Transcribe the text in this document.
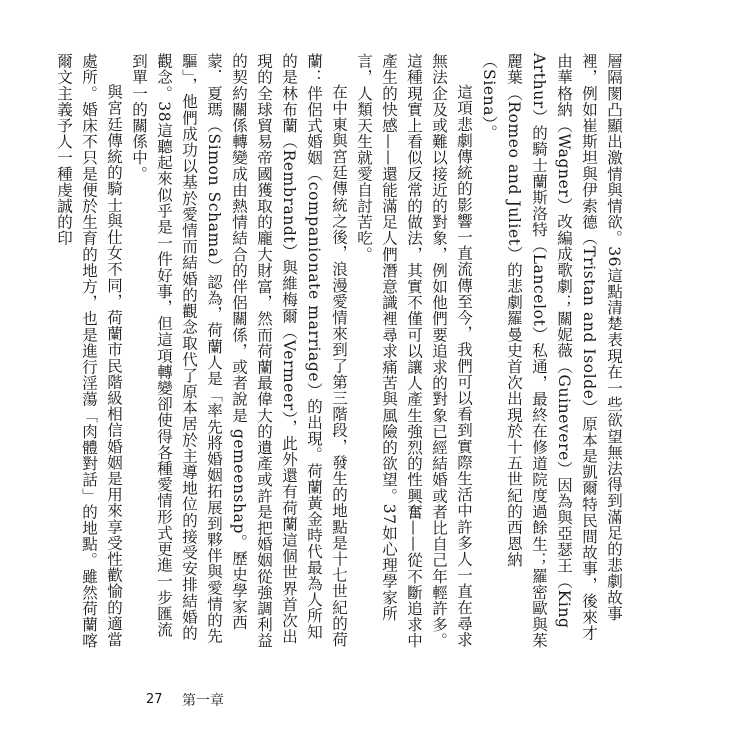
層隔閡凸顯出激情與情欲。36這點清楚表現在一些欲望無法得到滿足的悲劇故事裡，例如崔斯坦與伊索德（Tristan and Isolde）原本是凱爾特民間故事，後來才由華格納（Wagner）改編成歌劇；關妮薇（Guinevere）因為與亞瑟王（King Arthur）的騎士蘭斯洛特（Lancelot）私通，最終在修道院度過餘生；羅密歐與茱麗葉（Romeo and Juliet）的悲劇羅曼史首次出現於十五世紀的西恩納（Siena）。

這項悲劇傳統的影響一直流傳至今，我們可以看到實際生活中許多人一直在尋求無法企及或難以接近的對象，例如他們要追求的對象已經結婚或者比自己年輕許多。這種現實上看似反常的做法，其實不僅可以讓人產生強烈的性興奮——從不斷追求中產生的快感——還能滿足人們潛意識裡尋求痛苦與風險的欲望。37如心理學家所言，人類天生就愛自討苦吃。

在中東與宮廷傳統之後，浪漫愛情來到了第三階段，發生的地點是十七世紀的荷蘭：伴侶式婚姻（companionate marriage）的出現。荷蘭黃金時代最為人所知的是林布蘭（Rembrandt）與維梅爾（Vermeer），此外還有荷蘭這個世界首次出現的全球貿易帝國獲取的龐大財富，然而荷蘭最偉大的遺產或許是把婚姻從強調利益的契約關係轉變成由熱情結合的伴侶關係，或者說是 gemeenshap。歷史學家西蒙．夏瑪（Simon Schama）認為，荷蘭人是「率先將婚姻拓展到夥伴與愛情的先驅」，他們成功以基於愛情而結婚的觀念取代了原本居於主導地位的接受安排結婚的觀念。38這聽起來似乎是一件好事，但這項轉變卻使得各種愛情形式更進一步匯流到單一的關係中。

與宮廷傳統的騎士與仕女不同，荷蘭市民階級相信婚姻是用來享受性歡愉的適當處所。婚床不只是便於生育的地方，也是進行淫蕩「肉體對話」的地點。雖然荷蘭喀爾文主義予人一種虔誠的印

27 第一章
